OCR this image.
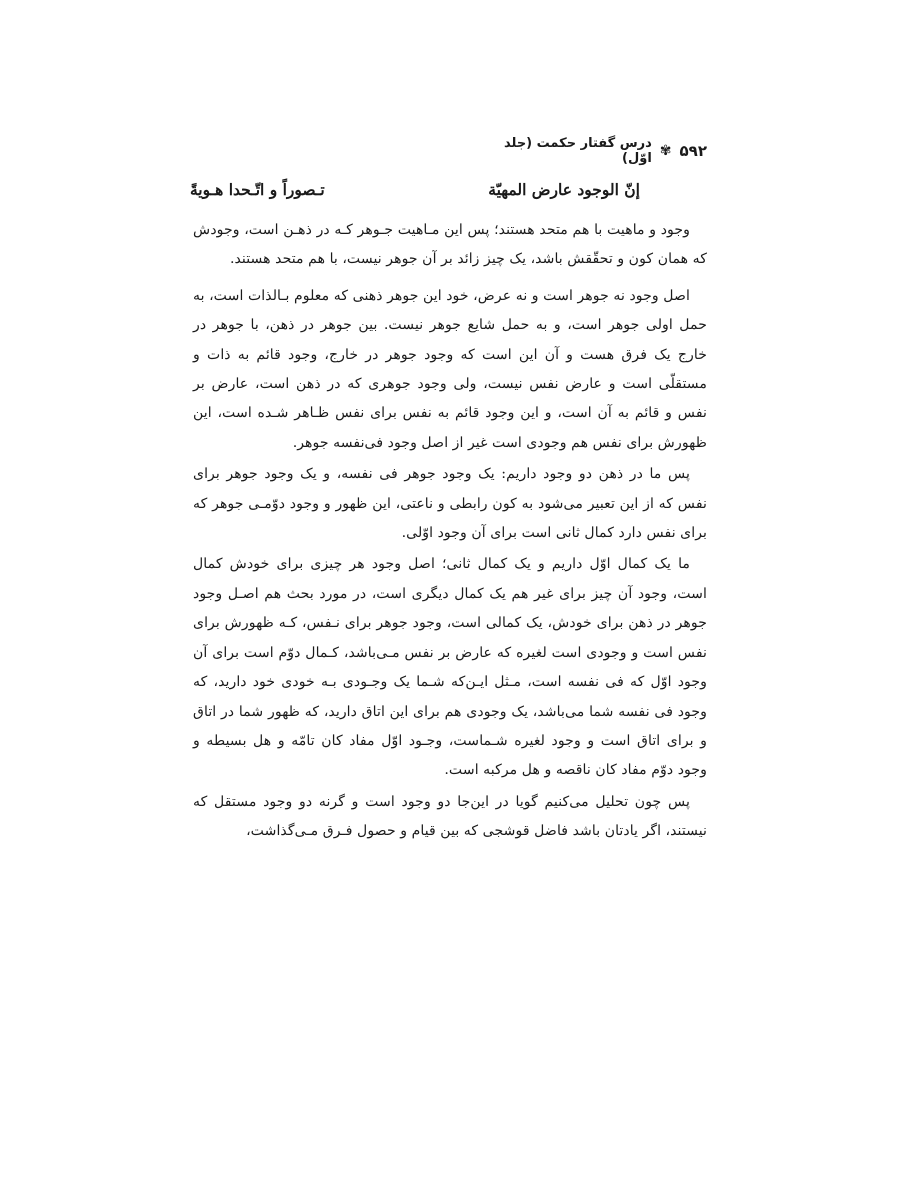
۵۹۲
✾
درس گفتار حکمت (جلد اوّل)
إنّ الوجود عارض المهيّة
تـصوراً و اتّـحدا هـويةً

وجود و ماهیت با هم متحد هستند؛ پس این مـاهیت جـوهر کـه در ذهـن است، وجودش که همان کون و تحقّقش باشد، یک چیز زائد بر آن جوهر نیست، با هم متحد هستند.

اصل وجود نه جوهر است و نه عرض، خود این جوهر ذهنی که معلوم بـالذات است، به حمل اولی جوهر است، و به حمل شایع جوهر نیست. بین جوهر در ذهن، با جوهر در خارج یک فرق هست و آن این است که وجود جوهر در خارج، وجود قائم به ذات و مستقلّی است و عارض نفس نیست، ولی وجود جوهری که در ذهن است، عارض بر نفس و قائم به آن است، و این وجود قائم به نفس برای نفس ظـاهر شـده است، این ظهورش برای نفس هم وجودی است غیر از اصل وجود فی‌نفسه جوهر.

پس ما در ذهن دو وجود داریم: یک وجود جوهر فی نفسه، و یک وجود جوهر برای نفس که از این تعبیر می‌شود به کون رابطی و ناعتی، این ظهور و وجود دوّمـی جوهر که برای نفس دارد کمال ثانی است برای آن وجود اوّلی.

ما یک کمال اوّل داریم و یک کمال ثانی؛ اصل وجود هر چیزی برای خودش کمال است، وجود آن چیز برای غیر هم یک کمال دیگری است، در مورد بحث هم اصـل وجود جوهر در ذهن برای خودش، یک کمالی است، وجود جوهر برای نـفس، کـه ظهورش برای نفس است و وجودی است لغیره که عارض بر نفس مـی‌باشد، کـمال دوّم است برای آن وجود اوّل که فی نفسه است، مـثل ایـن‌که شـما یک وجـودی بـه خودی خود دارید، که وجود فی نفسه شما می‌باشد، یک وجودی هم برای این اتاق دارید، که ظهور شما در اتاق و برای اتاق است و وجود لغیره شـماست، وجـود اوّل مفاد کان تامّه و هل بسیطه و وجود دوّم مفاد کان ناقصه و هل مرکبه است.

پس چون تحلیل می‌کنیم گویا در این‌جا دو وجود است و گرنه دو وجود مستقل که نیستند، اگر یادتان باشد فاضل قوشجی که بین قیام و حصول فـرق مـی‌گذاشت،
